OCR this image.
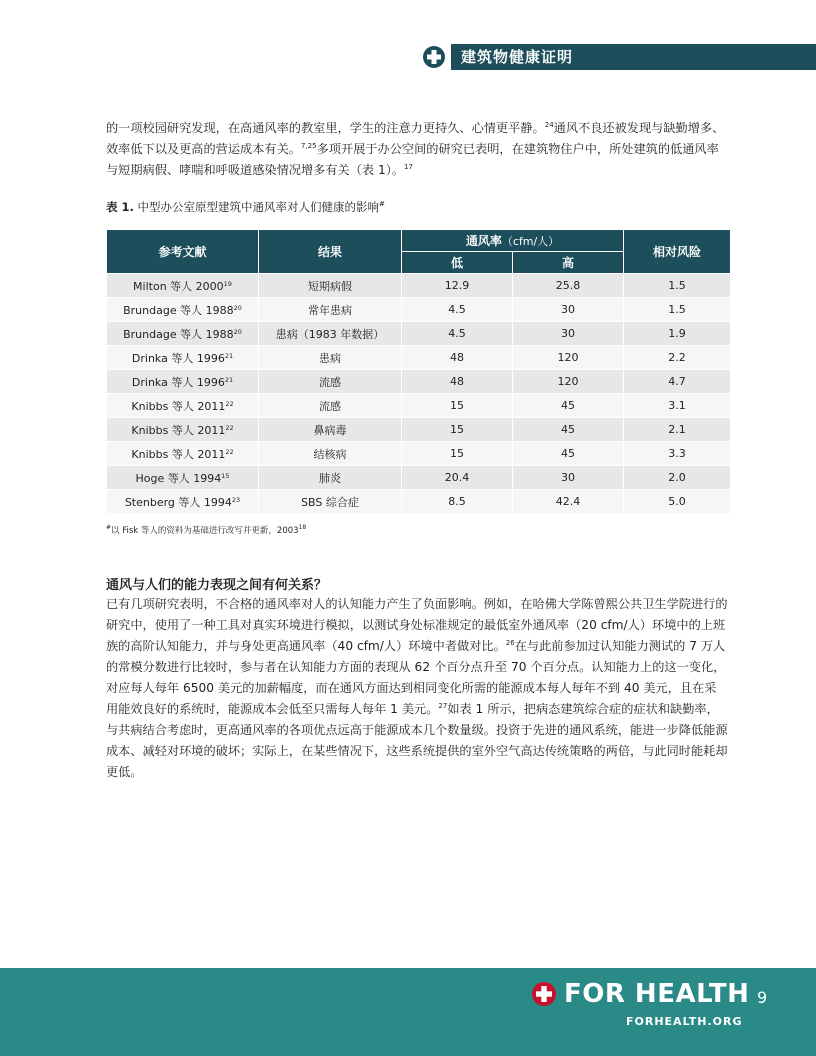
建筑物健康证明

的一项校园研究发现，在高通风率的教室里，学生的注意力更持久、心情更平静。$^{24}$通风不良还被发现与缺勤增多、效率低下以及更高的营运成本有关。$^{7,25}$多项开展于办公空间的研究已表明，在建筑物住户中，所处建筑的低通风率与短期病假、哮喘和呼吸道感染情况增多有关（表 1）。$^{17}$

表 1. 中型办公室原型建筑中通风率对人们健康的影响#

参考文献	结果	通风率（cfm/人）		相对风险
		低	高	
Milton 等人 2000$^{19}$	短期病假	12.9	25.8	1.5
Brundage 等人 1988$^{20}$	常年患病	4.5	30	1.5
Brundage 等人 1988$^{20}$	患病（1983 年数据）	4.5	30	1.9
Drinka 等人 1996$^{21}$	患病	48	120	2.2
Drinka 等人 1996$^{21}$	流感	48	120	4.7
Knibbs 等人 2011$^{22}$	流感	15	45	3.1
Knibbs 等人 2011$^{22}$	鼻病毒	15	45	2.1
Knibbs 等人 2011$^{22}$	结核病	15	45	3.3
Hoge 等人 1994$^{15}$	肺炎	20.4	30	2.0
Stenberg 等人 1994$^{23}$	SBS 综合症	8.5	42.4	5.0

#以 Fisk 等人的资料为基础进行改写并更新，2003$^{18}$

通风与人们的能力表现之间有何关系？

已有几项研究表明，不合格的通风率对人的认知能力产生了负面影响。例如，在哈佛大学陈曾熙公共卫生学院进行的研究中，使用了一种工具对真实环境进行模拟，以测试身处标准规定的最低室外通风率（20 cfm/人）环境中的上班族的高阶认知能力，并与身处更高通风率（40 cfm/人）环境中者做对比。$^{26}$在与此前参加过认知能力测试的 7 万人的常模分数进行比较时，参与者在认知能力方面的表现从 62 个百分点升至 70 个百分点。认知能力上的这一变化，对应每人每年 6500 美元的加薪幅度，而在通风方面达到相同变化所需的能源成本每人每年不到 40 美元，且在采用能效良好的系统时，能源成本会低至只需每人每年 1 美元。$^{27}$如表 1 所示，把病态建筑综合症的症状和缺勤率，与共病结合考虑时，更高通风率的各项优点远高于能源成本几个数量级。投资于先进的通风系统，能进一步降低能源成本、减轻对环境的破坏；实际上，在某些情况下，这些系统提供的室外空气高达传统策略的两倍，与此同时能耗却更低。

FOR HEALTH 9
FORHEALTH.ORG
